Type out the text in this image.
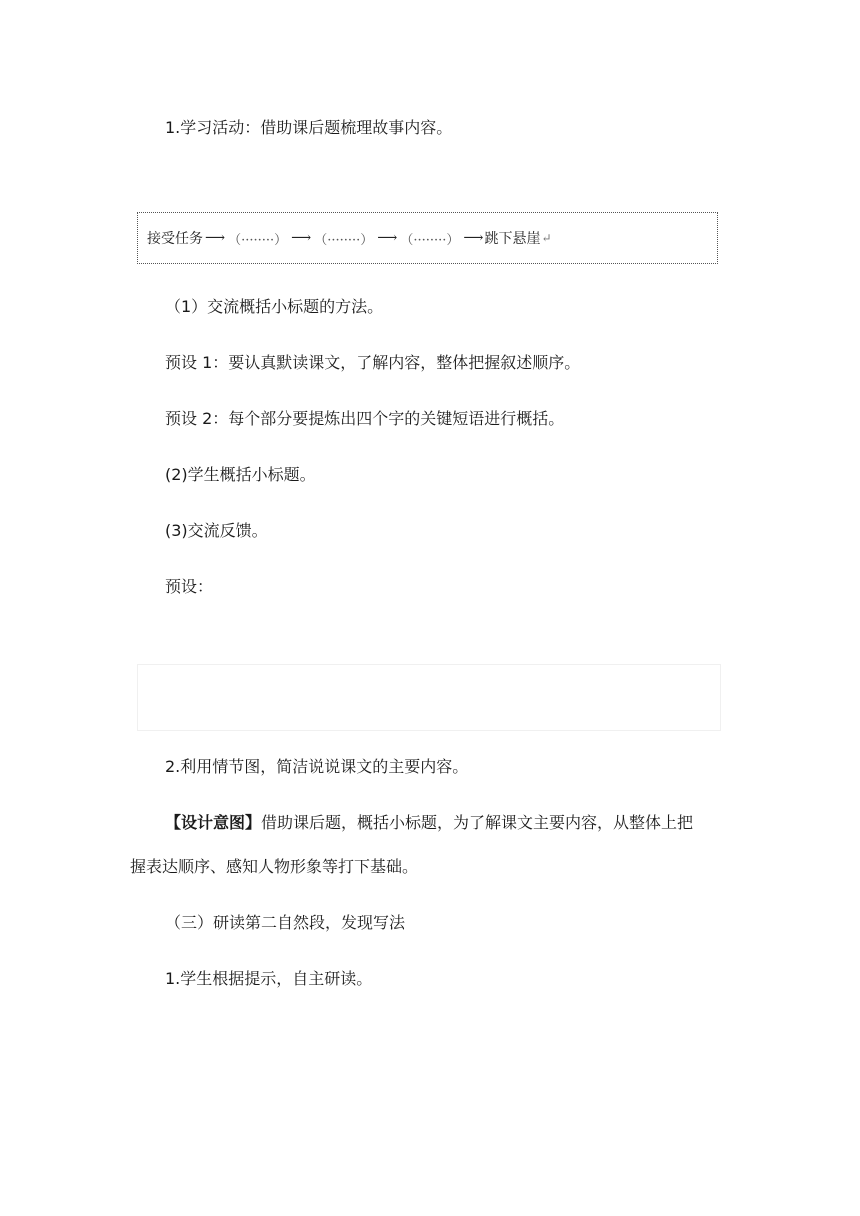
1.学习活动：借助课后题梳理故事内容。
接受任务 ⟶ （········） ⟶ （········） ⟶ （········） ⟶ 跳下悬崖 ↵
（1）交流概括小标题的方法。
预设 1：要认真默读课文，了解内容，整体把握叙述顺序。
预设 2：每个部分要提炼出四个字的关键短语进行概括。
(2)学生概括小标题。
(3)交流反馈。
预设：
2.利用情节图，简洁说说课文的主要内容。
【设计意图】借助课后题，概括小标题，为了解课文主要内容，从整体上把
握表达顺序、感知人物形象等打下基础。
（三）研读第二自然段，发现写法
1.学生根据提示，自主研读。
